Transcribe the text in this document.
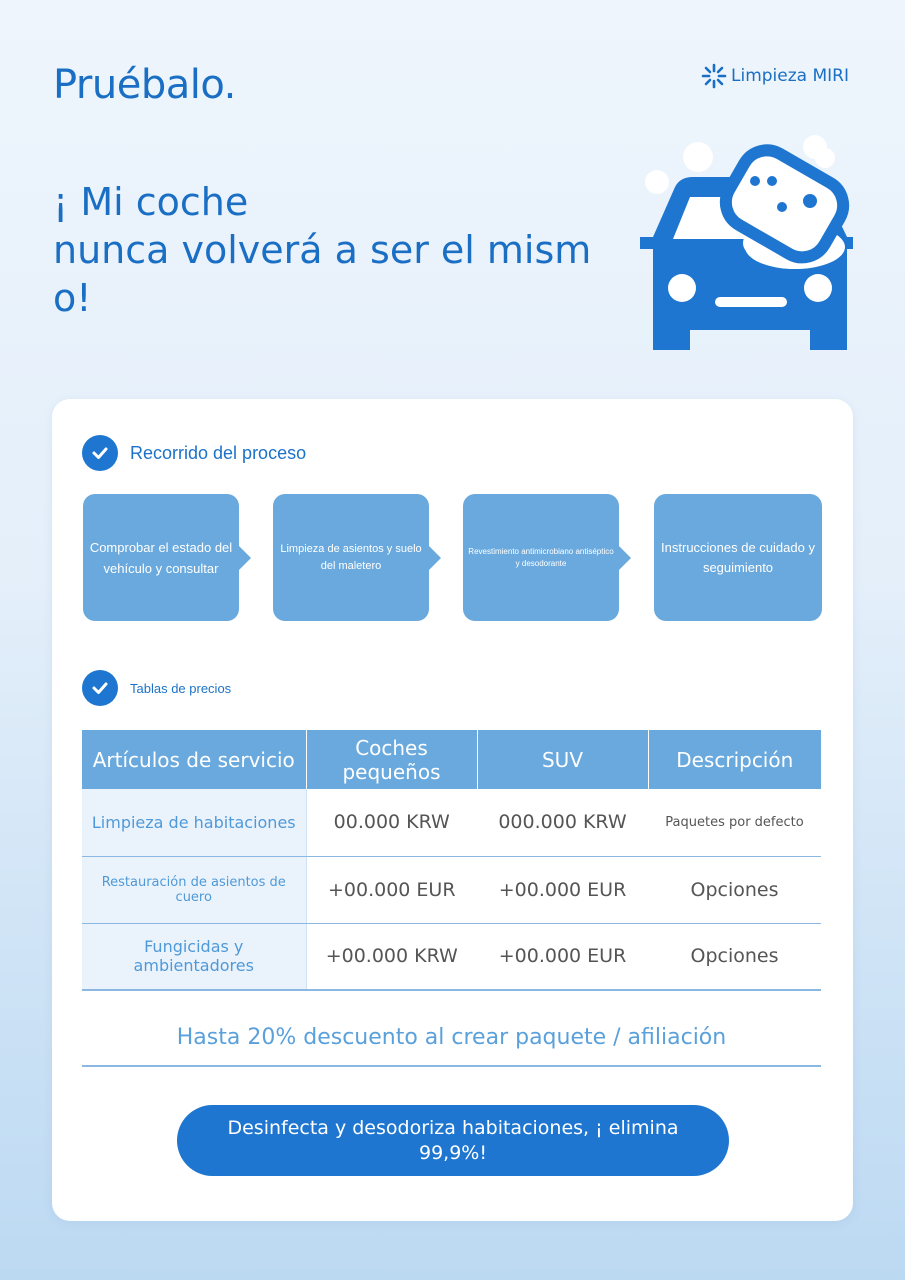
Pruébalo.	Limpieza MIRI
¡ Mi coche
nunca volverá a ser el mism
o!
Recorrido del proceso
Comprobar el estado del vehículo y consultar
Limpieza de asientos y suelo del maletero
Revestimiento antimicrobiano antiséptico y desodorante
Instrucciones de cuidado y seguimiento
Tablas de precios
Artículos de servicio	Coches pequeños	SUV	Descripción
Limpieza de habitaciones	00.000 KRW	000.000 KRW	Paquetes por defecto
Restauración de asientos de cuero	+00.000 EUR	+00.000 EUR	Opciones
Fungicidas y ambientadores	+00.000 KRW	+00.000 EUR	Opciones
Hasta 20% descuento al crear paquete / afiliación
Desinfecta y desodoriza habitaciones, ¡ elimina 99,9%!
